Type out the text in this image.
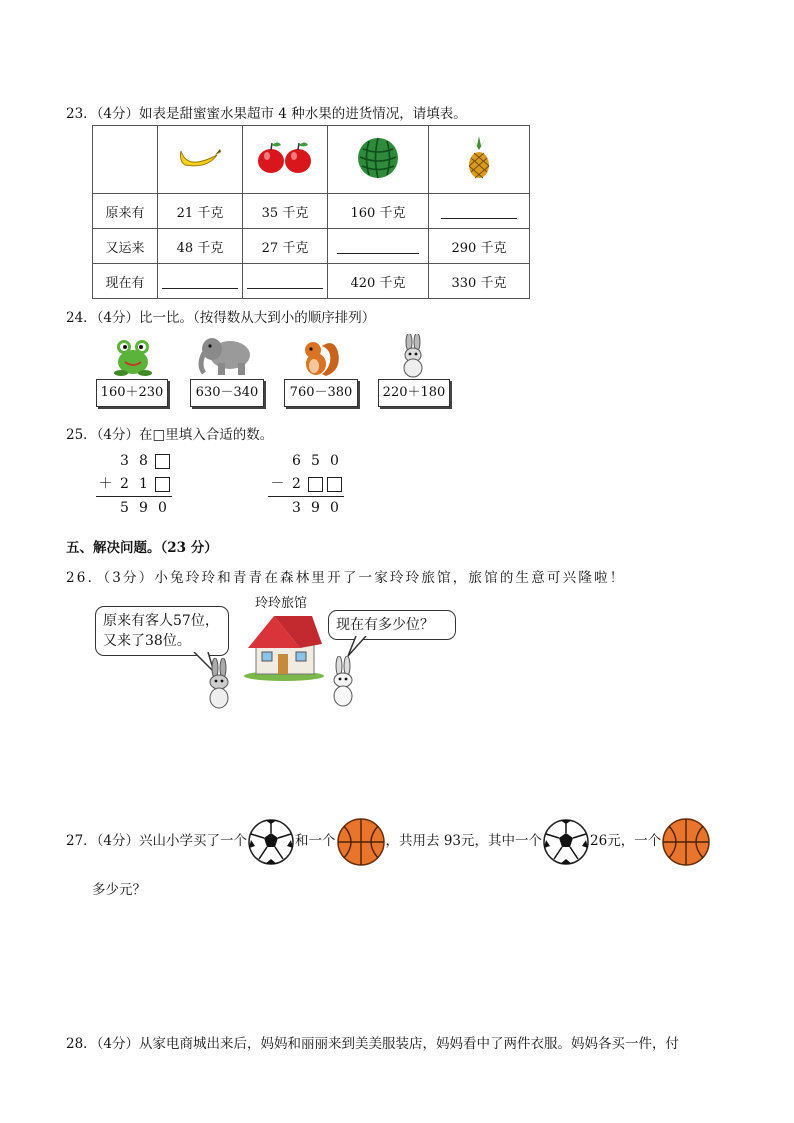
23．（4分）如表是甜蜜蜜水果超市 4 种水果的进货情况，请填表。

原来有	21 千克	35 千克	160 千克	
又运来	48 千克	27 千克		290 千克
现在有			420 千克	330 千克
24．（4分）比一比。（按得数从大到小的顺序排列）
160＋230	630－340	760－380	220＋180
25．（4分）在□里填入合适的数。
3 8
＋ 2 1
5 9 0
6 5 0
－ 2
3 9 0
五、解决问题。（23 分）
26．（3分）小兔玲玲和青青在森林里开了一家玲玲旅馆，旅馆的生意可兴隆啦！
原来有客人57位，
又来了38位。
玲玲旅馆
现在有多少位？
27．（4分）兴山小学买了一个	和一个	，共用去 93元，其中一个	26元，一个
多少元？
28．（4分）从家电商城出来后，妈妈和丽丽来到美美服装店，妈妈看中了两件衣服。妈妈各买一件，付
